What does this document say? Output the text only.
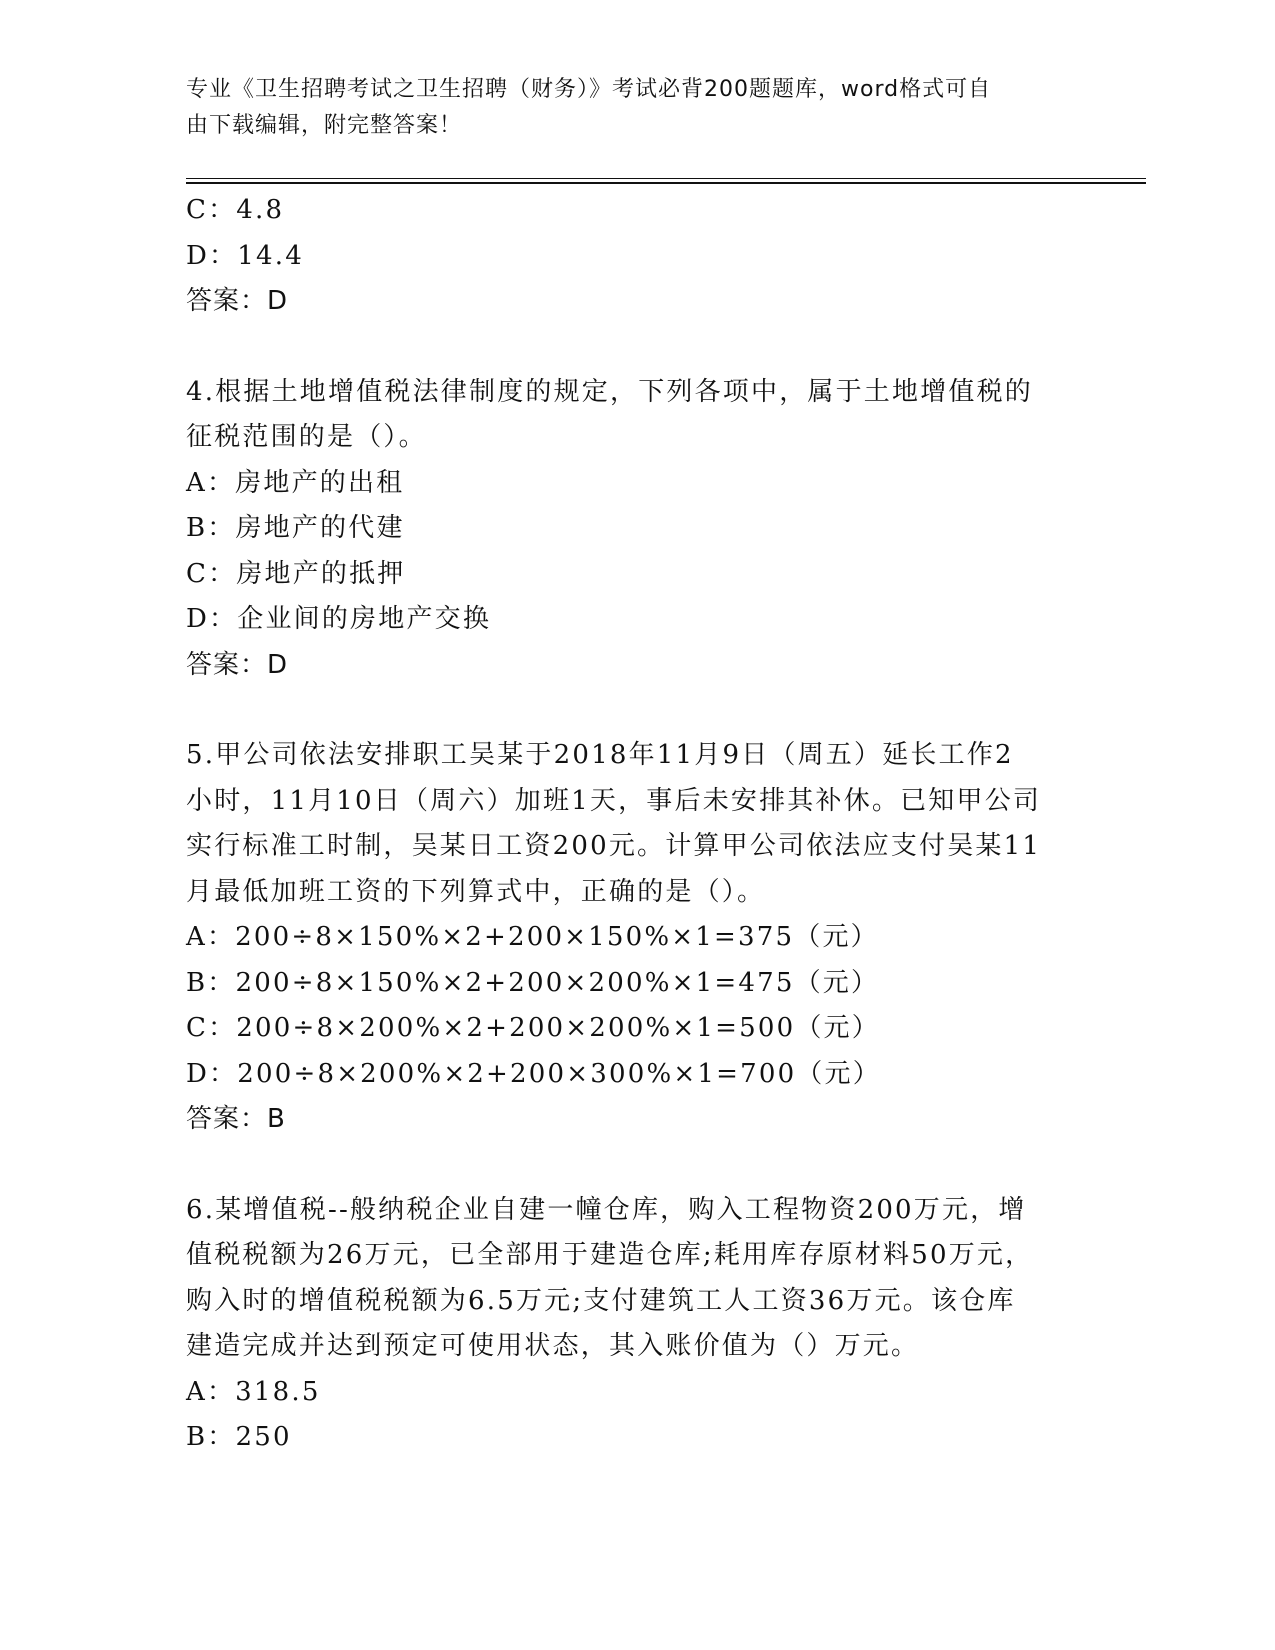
专业《卫生招聘考试之卫生招聘（财务）》考试必背200题题库，word格式可自
由下载编辑，附完整答案！
C：4.8
D：14.4
答案：D
4.根据土地增值税法律制度的规定，下列各项中，属于土地增值税的
征税范围的是（）。
A：房地产的出租
B：房地产的代建
C：房地产的抵押
D：企业间的房地产交换
答案：D
5.甲公司依法安排职工吴某于2018年11月9日（周五）延长工作2
小时，11月10日（周六）加班1天，事后未安排其补休。已知甲公司
实行标准工时制，吴某日工资200元。计算甲公司依法应支付吴某11
月最低加班工资的下列算式中，正确的是（）。
A：200÷8×150%×2+200×150%×1=375（元）
B：200÷8×150%×2+200×200%×1=475（元）
C：200÷8×200%×2+200×200%×1=500（元）
D：200÷8×200%×2+200×300%×1=700（元）
答案：B
6.某增值税--般纳税企业自建一幢仓库，购入工程物资200万元，增
值税税额为26万元，已全部用于建造仓库;耗用库存原材料50万元，
购入时的增值税税额为6.5万元;支付建筑工人工资36万元。该仓库
建造完成并达到预定可使用状态，其入账价值为（）万元。
A：318.5
B：250
